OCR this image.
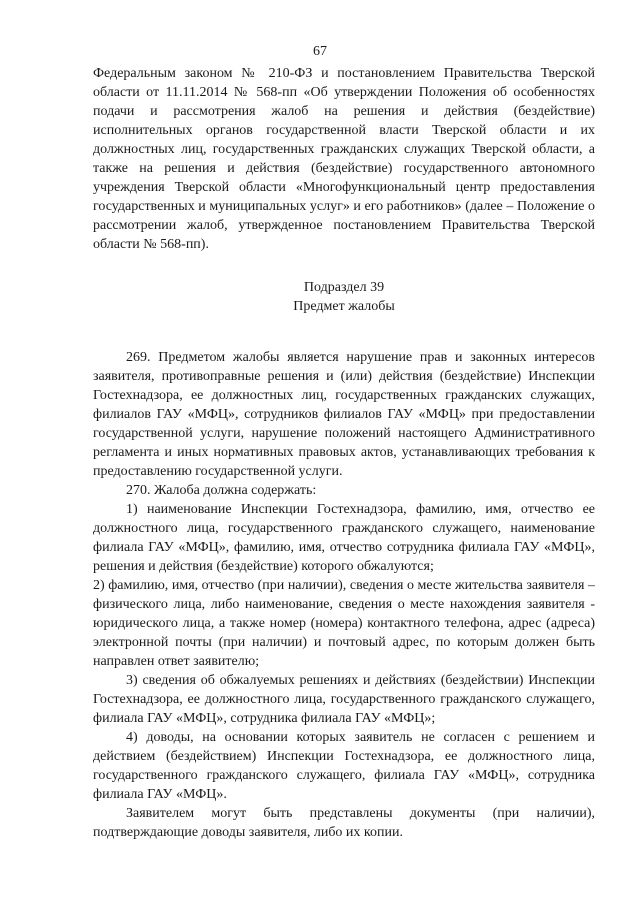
67

Федеральным законом № 210-ФЗ и постановлением Правительства Тверской области от 11.11.2014 № 568-пп «Об утверждении Положения об особенностях подачи и рассмотрения жалоб на решения и действия (бездействие) исполнительных органов государственной власти Тверской области и их должностных лиц, государственных гражданских служащих Тверской области, а также на решения и действия (бездействие) государственного автономного учреждения Тверской области «Многофункциональный центр предоставления государственных и муниципальных услуг» и его работников» (далее – Положение о рассмотрении жалоб, утвержденное постановлением Правительства Тверской области № 568-пп).

Подраздел 39

Предмет жалобы

269. Предметом жалобы является нарушение прав и законных интересов заявителя, противоправные решения и (или) действия (бездействие) Инспекции Гостехнадзора, ее должностных лиц, государственных гражданских служащих, филиалов ГАУ «МФЦ», сотрудников филиалов ГАУ «МФЦ» при предоставлении государственной услуги, нарушение положений настоящего Административного регламента и иных нормативных правовых актов, устанавливающих требования к предоставлению государственной услуги.

270. Жалоба должна содержать:

1) наименование Инспекции Гостехнадзора, фамилию, имя, отчество ее должностного лица, государственного гражданского служащего, наименование филиала ГАУ «МФЦ», фамилию, имя, отчество сотрудника филиала ГАУ «МФЦ», решения и действия (бездействие) которого обжалуются;

2) фамилию, имя, отчество (при наличии), сведения о месте жительства заявителя – физического лица, либо наименование, сведения о месте нахождения заявителя - юридического лица, а также номер (номера) контактного телефона, адрес (адреса) электронной почты (при наличии) и почтовый адрес, по которым должен быть направлен ответ заявителю;

3) сведения об обжалуемых решениях и действиях (бездействии) Инспекции Гостехнадзора, ее должностного лица, государственного гражданского служащего, филиала ГАУ «МФЦ», сотрудника филиала ГАУ «МФЦ»;

4) доводы, на основании которых заявитель не согласен с решением и действием (бездействием) Инспекции Гостехнадзора, ее должностного лица, государственного гражданского служащего, филиала ГАУ «МФЦ», сотрудника филиала ГАУ «МФЦ».

Заявителем могут быть представлены документы (при наличии), подтверждающие доводы заявителя, либо их копии.
